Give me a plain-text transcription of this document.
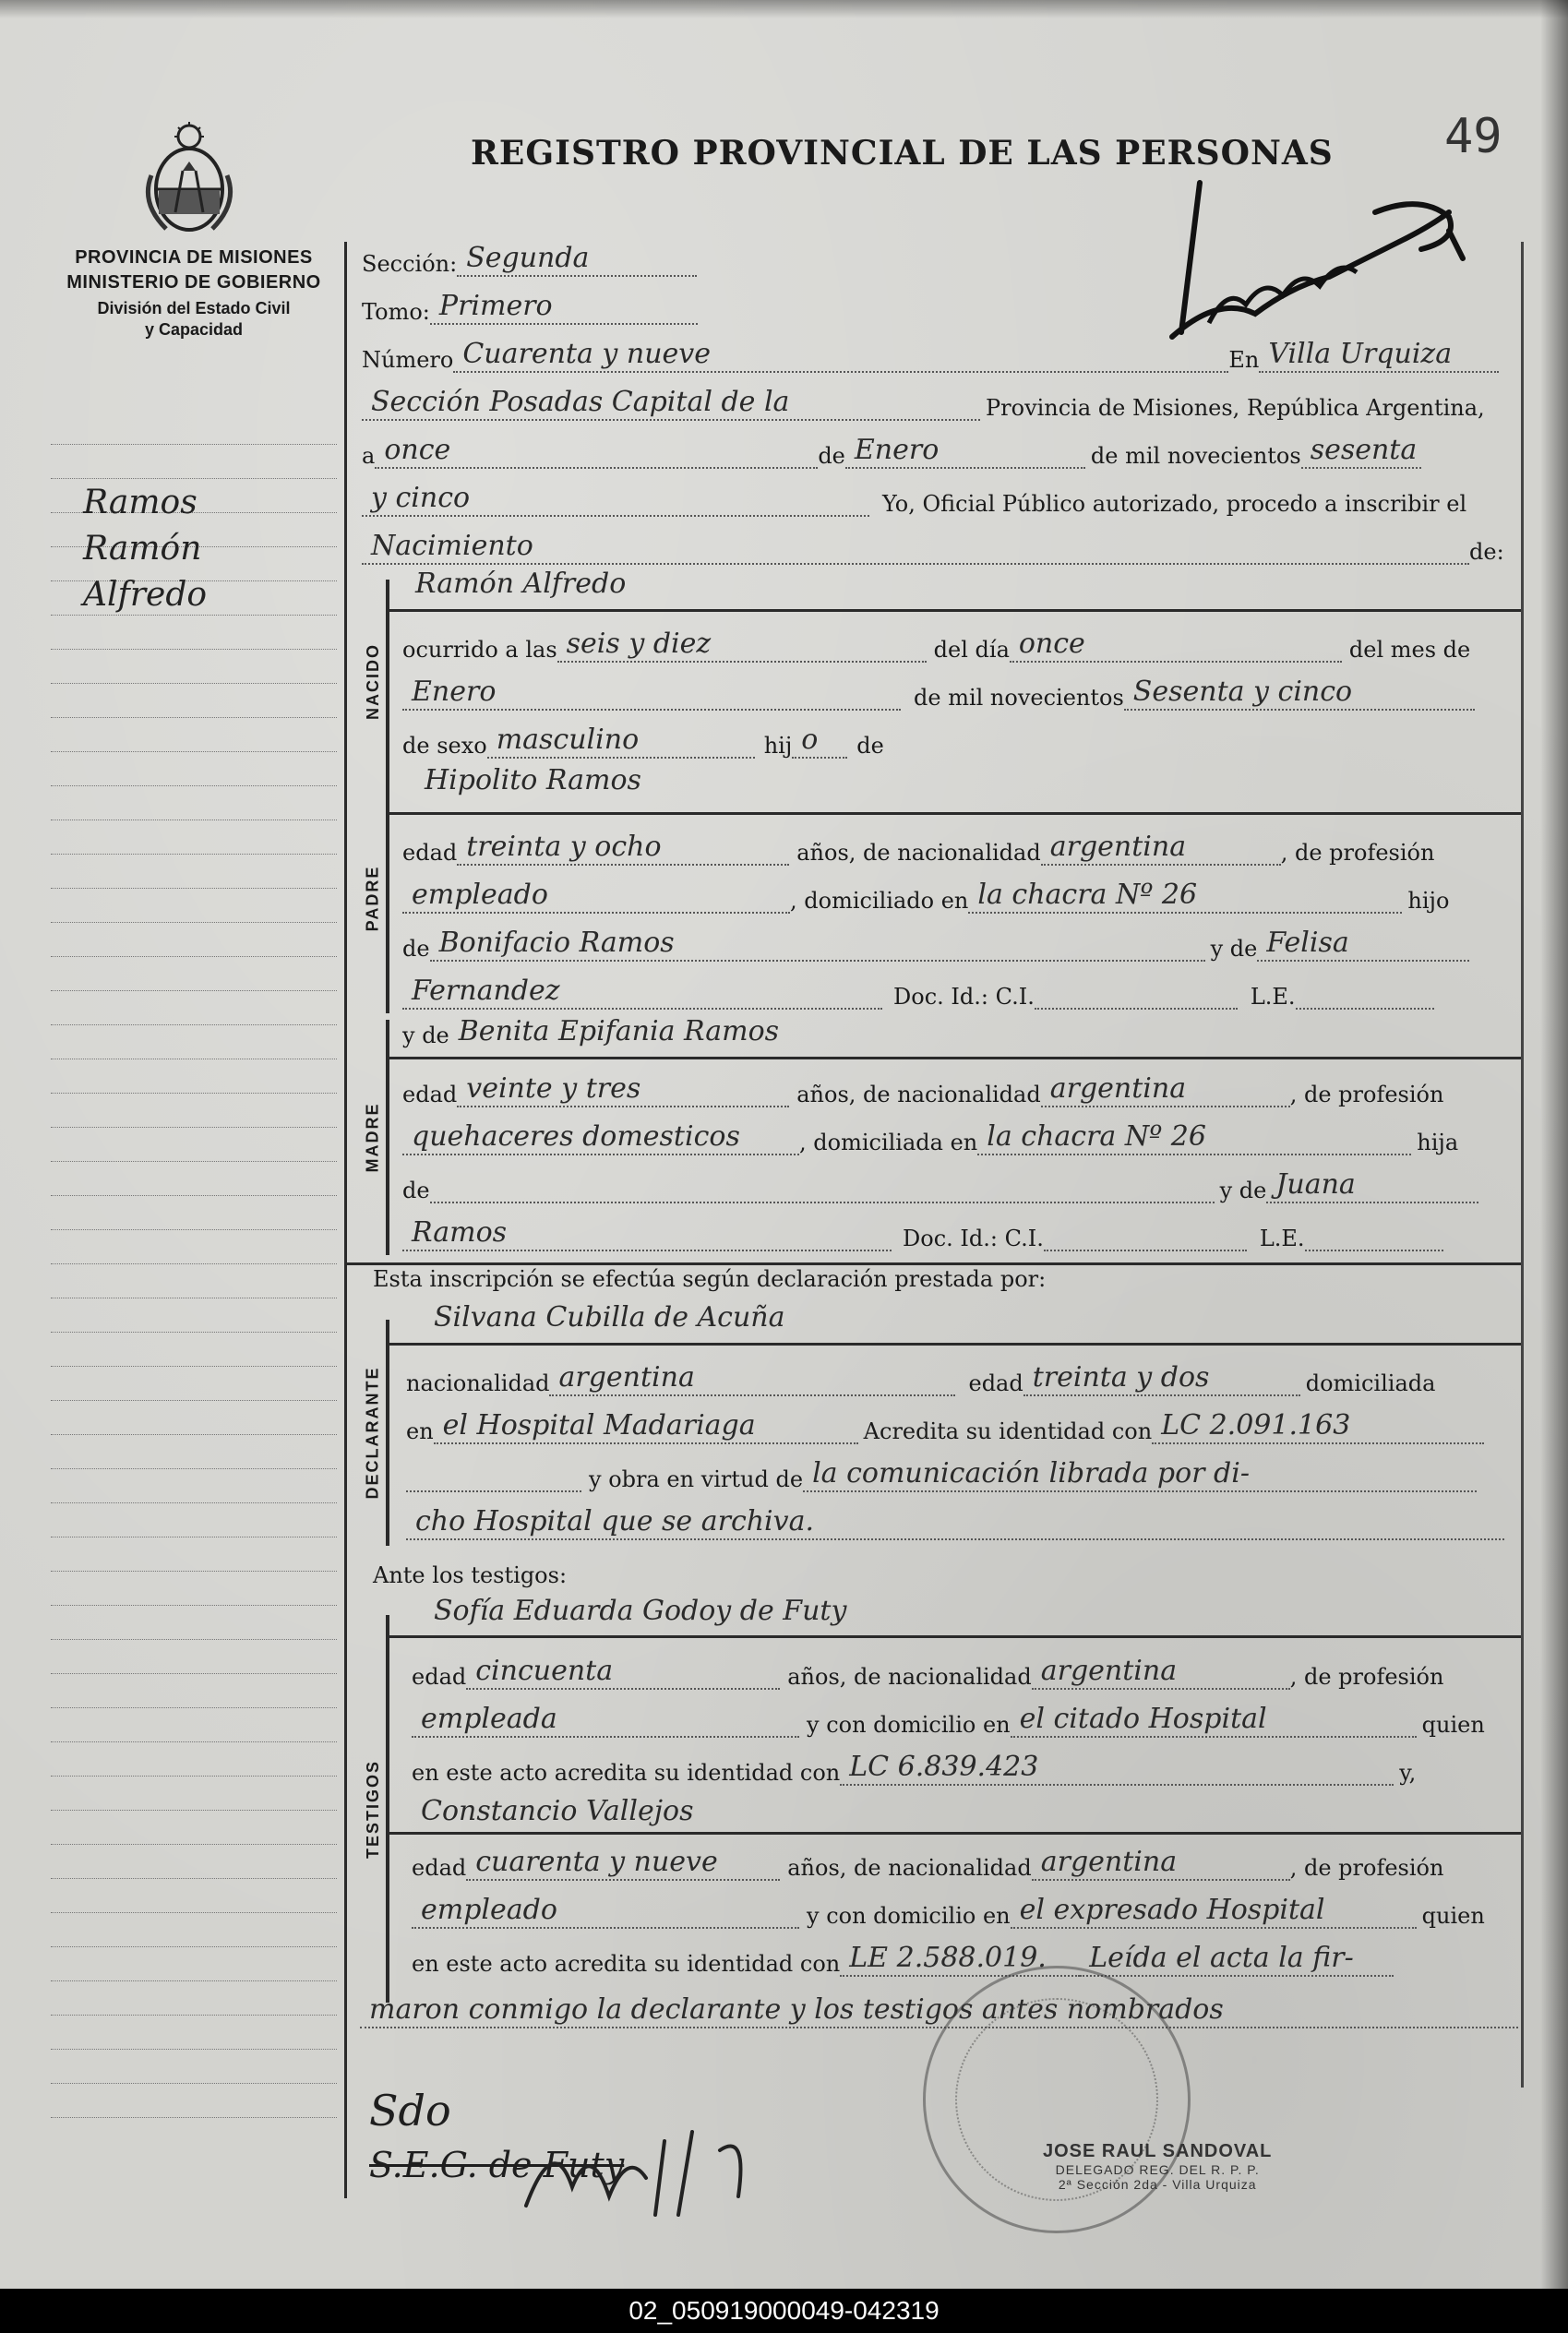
PROVINCIA DE MISIONES
MINISTERIO DE GOBIERNO
División del Estado Civil
y Capacidad
REGISTRO PROVINCIAL DE LAS PERSONAS 49
Ramos
Ramón
Alfredo
Sección: Segunda
Tomo: Primero
Número Cuarenta y nueve	En Villa Urquiza
Sección Posadas Capital de la	Provincia de Misiones, República Argentina,
a once	de Enero	de mil novecientos sesenta
y cinco	Yo, Oficial Público autorizado, procedo a inscribir el
Nacimiento	de:
NACIDO
Ramón Alfredo
ocurrido a las seis y diez	del día once	del mes de
Enero	de mil novecientos Sesenta y cinco
de sexo masculino	hij o	de
PADRE
Hipolito Ramos
edad treinta y ocho	años, de nacionalidad argentina	, de profesión
empleado	, domiciliado en la chacra Nº 26	hijo
de Bonifacio Ramos	y de Felisa
Fernandez	Doc. Id.: C.I.	L.E.
MADRE
y de Benita Epifania Ramos
edad veinte y tres	años, de nacionalidad argentina	, de profesión
quehaceres domesticos	, domiciliada en la chacra Nº 26	hija
de	y de Juana
Ramos	Doc. Id.: C.I.	L.E.
Esta inscripción se efectúa según declaración prestada por:
DECLARANTE
Silvana Cubilla de Acuña
nacionalidad argentina	edad treinta y dos	domiciliada
en el Hospital Madariaga	Acredita su identidad con LC 2.091.163
y obra en virtud de la comunicación librada por di-
cho Hospital que se archiva.
Ante los testigos:
TESTIGOS
Sofía Eduarda Godoy de Futy
edad cincuenta	años, de nacionalidad argentina	, de profesión
empleada	y con domicilio en el citado Hospital	quien
en este acto acredita su identidad con LC 6.839.423	y,
Constancio Vallejos
edad cuarenta y nueve	años, de nacionalidad argentina	, de profesión
empleado	y con domicilio en el expresado Hospital	quien
en este acto acredita su identidad con LE 2.588.019.	Leída el acta la fir-
maron conmigo la declarante y los testigos antes nombrados
Sdo
S.E.G. de Futy	JOSE RAUL SANDOVAL
DELEGADO REG. DEL R. P. P.
2ª Sección 2da - Villa Urquiza
02_050919000049-042319
